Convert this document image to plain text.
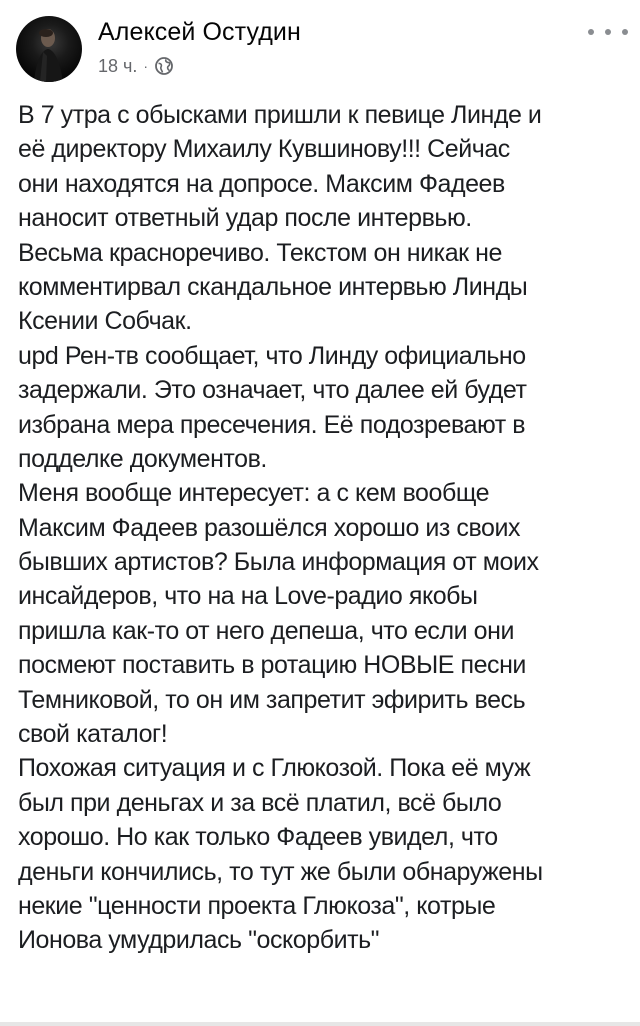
Алексей Остудин
18 ч. ·
В 7 утра с обысками пришли к певице Линде и
её директору Михаилу Кувшинову!!! Сейчас
они находятся на допросе. Максим Фадеев
наносит ответный удар после интервью.
Весьма красноречиво. Текстом он никак не
комментирвал скандальное интервью Линды
Ксении Собчак.
upd Рен-тв сообщает, что Линду официально
задержали. Это означает, что далее ей будет
избрана мера пресечения. Её подозревают в
подделке документов.
Меня вообще интересует: а с кем вообще
Максим Фадеев разошёлся хорошо из своих
бывших артистов? Была информация от моих
инсайдеров, что на на Love-радио якобы
пришла как-то от него депеша, что если они
посмеют поставить в ротацию НОВЫЕ песни
Темниковой, то он им запретит эфирить весь
свой каталог!
Похожая ситуация и с Глюкозой. Пока её муж
был при деньгах и за всё платил, всё было
хорошо. Но как только Фадеев увидел, что
деньги кончились, то тут же были обнаружены
некие "ценности проекта Глюкоза", котрые
Ионова умудрилась "оскорбить"
